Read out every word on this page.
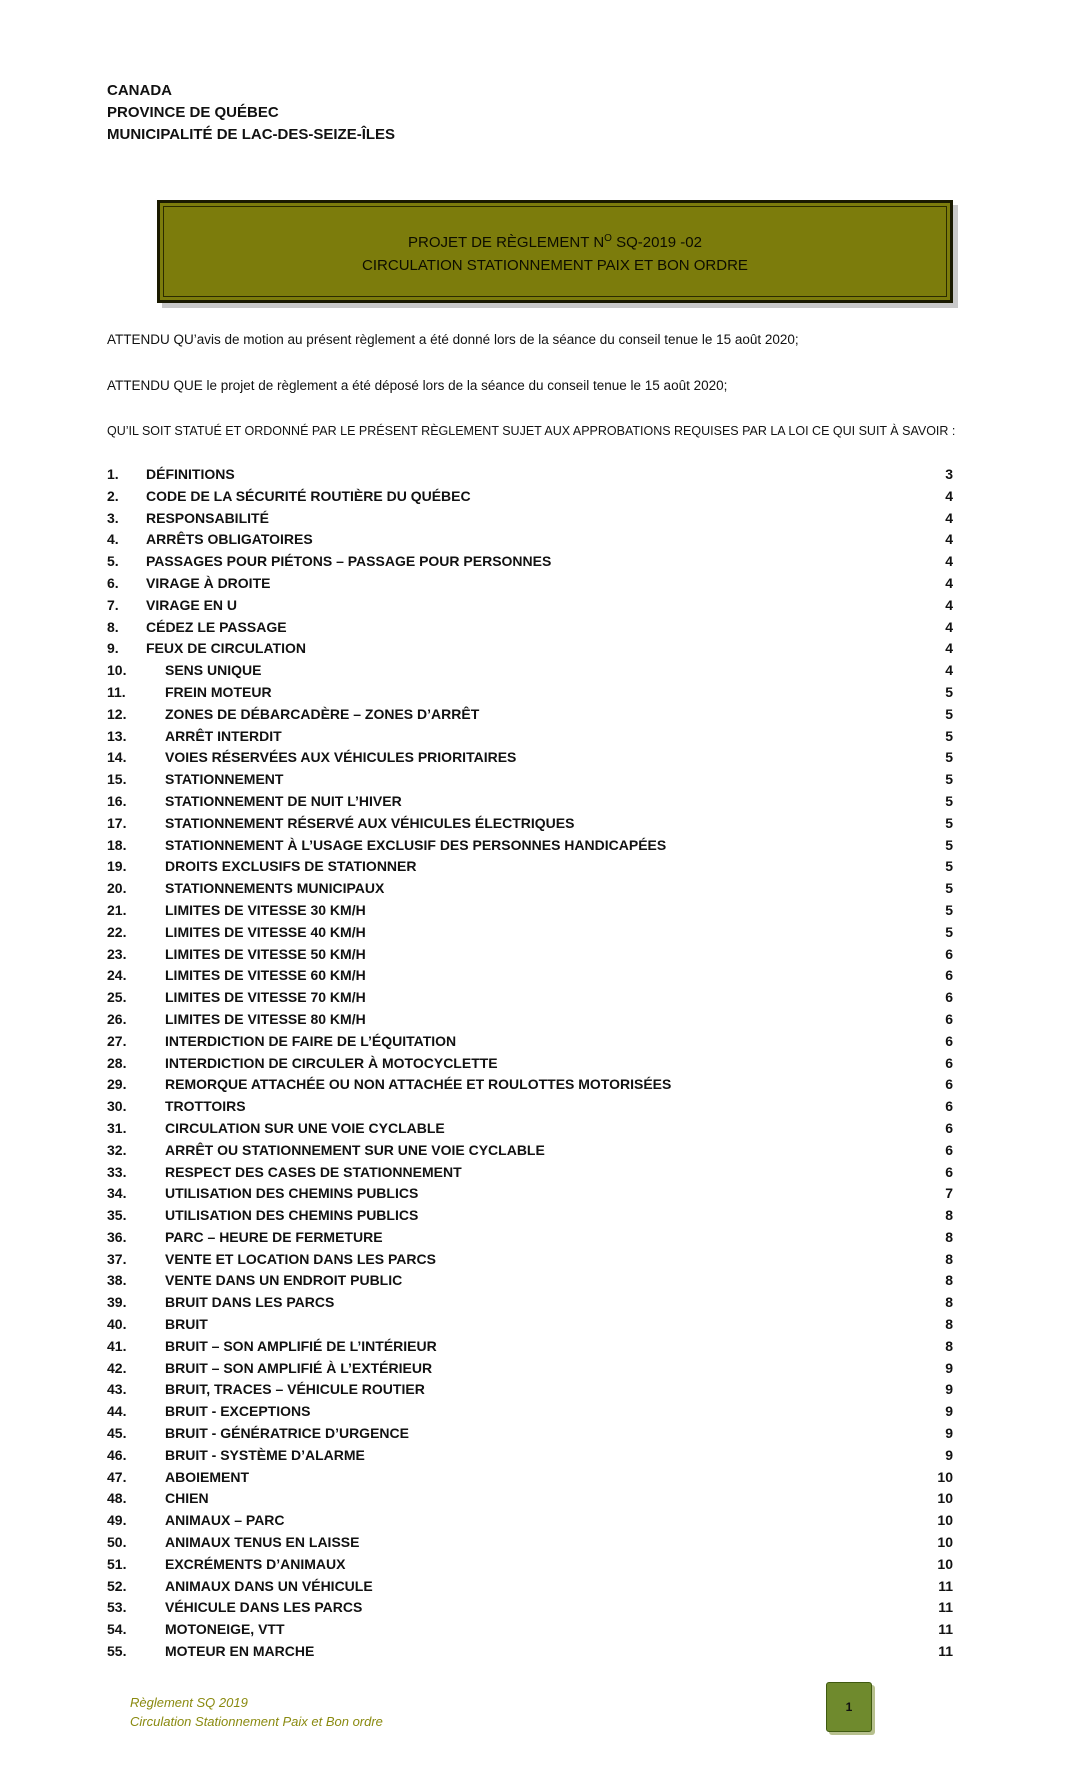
CANADA
PROVINCE DE QUÉBEC
MUNICIPALITÉ DE LAC-DES-SEIZE-ÎLES
PROJET DE RÈGLEMENT $N^O$ SQ-2019 -02
CIRCULATION STATIONNEMENT PAIX ET BON ORDRE
ATTENDU QU’avis de motion au présent règlement a été donné lors de la séance du conseil tenue le 15 août 2020;
ATTENDU QUE le projet de règlement a été déposé lors de la séance du conseil tenue le 15 août 2020;
QU’IL SOIT STATUÉ ET ORDONNÉ PAR LE PRÉSENT RÈGLEMENT SUJET AUX APPROBATIONS REQUISES PAR LA LOI CE QUI SUIT À SAVOIR :
1. DÉFINITIONS	3
2. CODE DE LA SÉCURITÉ ROUTIÈRE DU QUÉBEC	4
3. RESPONSABILITÉ	4
4. ARRÊTS OBLIGATOIRES	4
5. PASSAGES POUR PIÉTONS – PASSAGE POUR PERSONNES	4
6. VIRAGE À DROITE	4
7. VIRAGE EN U	4
8. CÉDEZ LE PASSAGE	4
9. FEUX DE CIRCULATION	4
10.	SENS UNIQUE	4
11.	FREIN MOTEUR	5
12.	ZONES DE DÉBARCADÈRE – ZONES D’ARRÊT	5
13.	ARRÊT INTERDIT	5
14.	VOIES RÉSERVÉES AUX VÉHICULES PRIORITAIRES	5
15.	STATIONNEMENT	5
16.	STATIONNEMENT DE NUIT L’HIVER	5
17.	STATIONNEMENT RÉSERVÉ AUX VÉHICULES ÉLECTRIQUES	5
18.	STATIONNEMENT À L’USAGE EXCLUSIF DES PERSONNES HANDICAPÉES	5
19.	DROITS EXCLUSIFS DE STATIONNER	5
20.	STATIONNEMENTS MUNICIPAUX	5
21.	LIMITES DE VITESSE 30 KM/H	5
22.	LIMITES DE VITESSE 40 KM/H	5
23.	LIMITES DE VITESSE 50 KM/H	6
24.	LIMITES DE VITESSE 60 KM/H	6
25.	LIMITES DE VITESSE 70 KM/H	6
26.	LIMITES DE VITESSE 80 KM/H	6
27.	INTERDICTION DE FAIRE DE L’ÉQUITATION	6
28.	INTERDICTION DE CIRCULER À MOTOCYCLETTE	6
29.	REMORQUE ATTACHÉE OU NON ATTACHÉE ET ROULOTTES MOTORISÉES	6
30.	TROTTOIRS	6
31.	CIRCULATION SUR UNE VOIE CYCLABLE	6
32.	ARRÊT OU STATIONNEMENT SUR UNE VOIE CYCLABLE	6
33.	RESPECT DES CASES DE STATIONNEMENT	6
34.	UTILISATION DES CHEMINS PUBLICS	7
35.	UTILISATION DES CHEMINS PUBLICS	8
36.	PARC – HEURE DE FERMETURE	8
37.	VENTE ET LOCATION DANS LES PARCS	8
38.	VENTE DANS UN ENDROIT PUBLIC	8
39.	BRUIT DANS LES PARCS	8
40.	BRUIT	8
41.	BRUIT – SON AMPLIFIÉ DE L’INTÉRIEUR	8
42.	BRUIT – SON AMPLIFIÉ À L’EXTÉRIEUR	9
43.	BRUIT, TRACES – VÉHICULE ROUTIER	9
44.	BRUIT - EXCEPTIONS	9
45.	BRUIT - GÉNÉRATRICE D’URGENCE	9
46.	BRUIT - SYSTÈME D’ALARME	9
47.	ABOIEMENT	10
48.	CHIEN	10
49.	ANIMAUX – PARC	10
50.	ANIMAUX TENUS EN LAISSE	10
51.	EXCRÉMENTS D’ANIMAUX	10
52.	ANIMAUX DANS UN VÉHICULE	11
53.	VÉHICULE DANS LES PARCS	11
54.	MOTONEIGE, VTT	11
55.	MOTEUR EN MARCHE	11
Règlement SQ 2019
Circulation Stationnement Paix et Bon ordre
1
